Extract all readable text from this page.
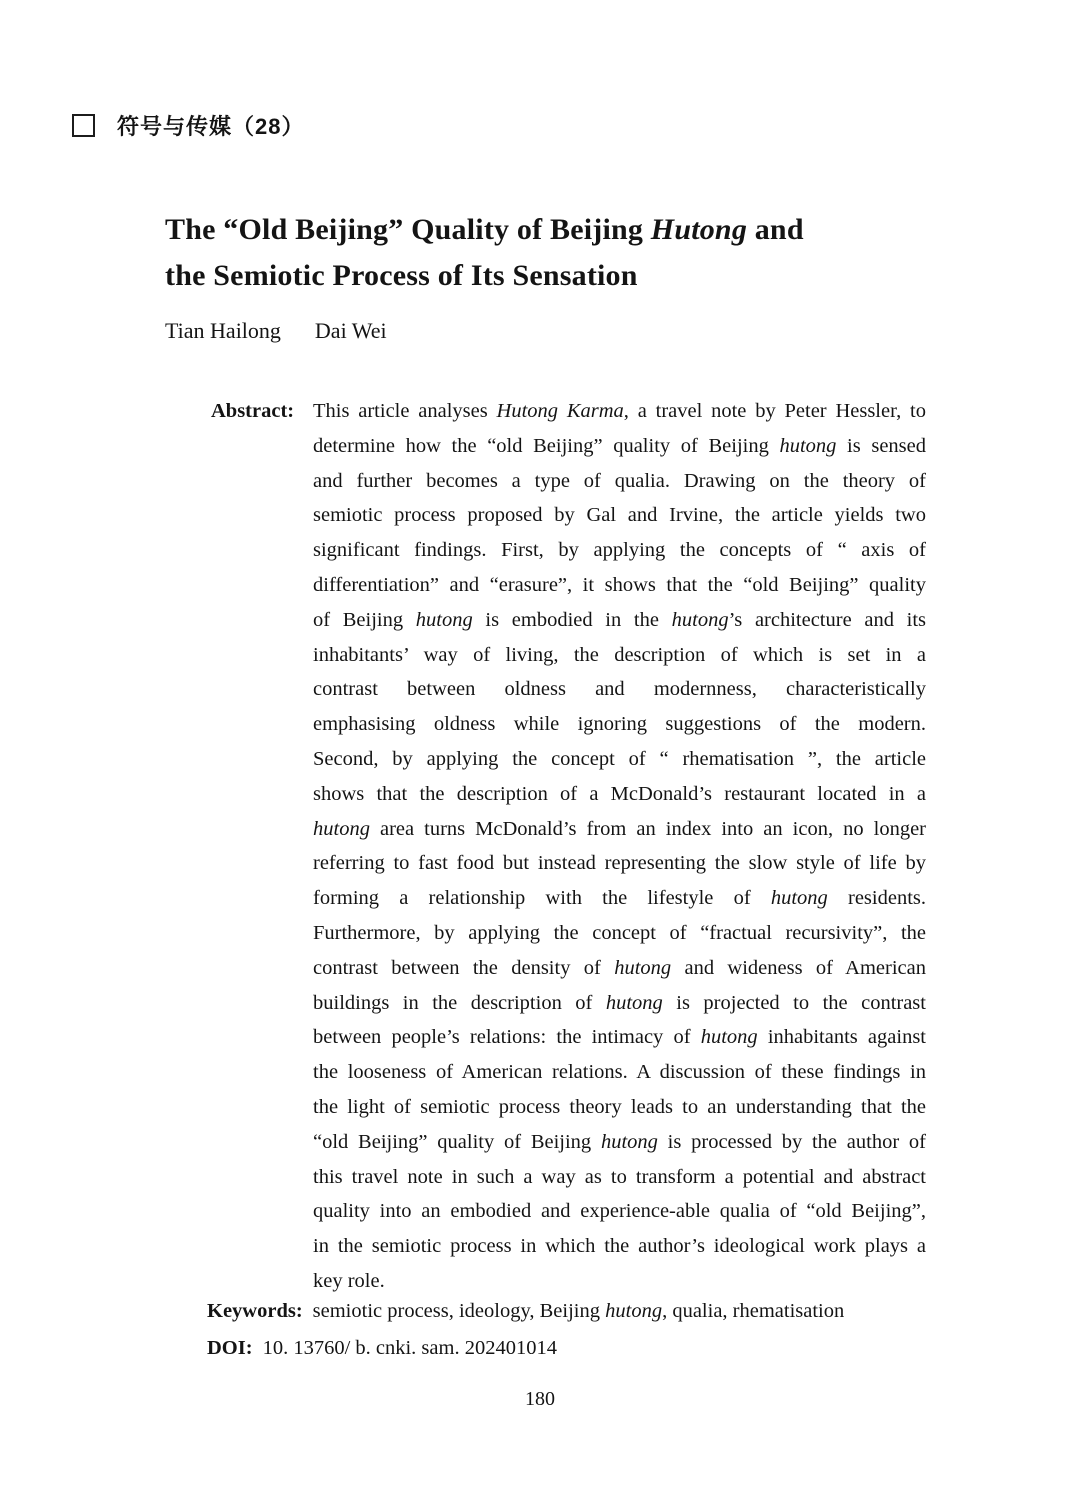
符号与传媒（28）
The “Old Beijing” Quality of Beijing Hutong and
the Semiotic Process of Its Sensation
Tian Hailong Dai Wei
Abstract: This article analyses Hutong Karma, a travel note by Peter Hessler, to
determine how the “old Beijing” quality of Beijing hutong is sensed
and further becomes a type of qualia. Drawing on the theory of
semiotic process proposed by Gal and Irvine, the article yields two
significant findings. First, by applying the concepts of “ axis of
differentiation” and “erasure”, it shows that the “old Beijing” quality
of Beijing hutong is embodied in the hutong’s architecture and its
inhabitants’ way of living, the description of which is set in a
contrast between oldness and modernness, characteristically
emphasising oldness while ignoring suggestions of the modern.
Second, by applying the concept of “ rhematisation ”, the article
shows that the description of a McDonald’s restaurant located in a
hutong area turns McDonald’s from an index into an icon, no longer
referring to fast food but instead representing the slow style of life by
forming a relationship with the lifestyle of hutong residents.
Furthermore, by applying the concept of “fractual recursivity”, the
contrast between the density of hutong and wideness of American
buildings in the description of hutong is projected to the contrast
between people’s relations: the intimacy of hutong inhabitants against
the looseness of American relations. A discussion of these findings in
the light of semiotic process theory leads to an understanding that the
“old Beijing” quality of Beijing hutong is processed by the author of
this travel note in such a way as to transform a potential and abstract
quality into an embodied and experience-able qualia of “old Beijing”,
in the semiotic process in which the author’s ideological work plays a
key role.
Keywords: semiotic process, ideology, Beijing hutong, qualia, rhematisation
DOI: 10. 13760/ b. cnki. sam. 202401014
180
